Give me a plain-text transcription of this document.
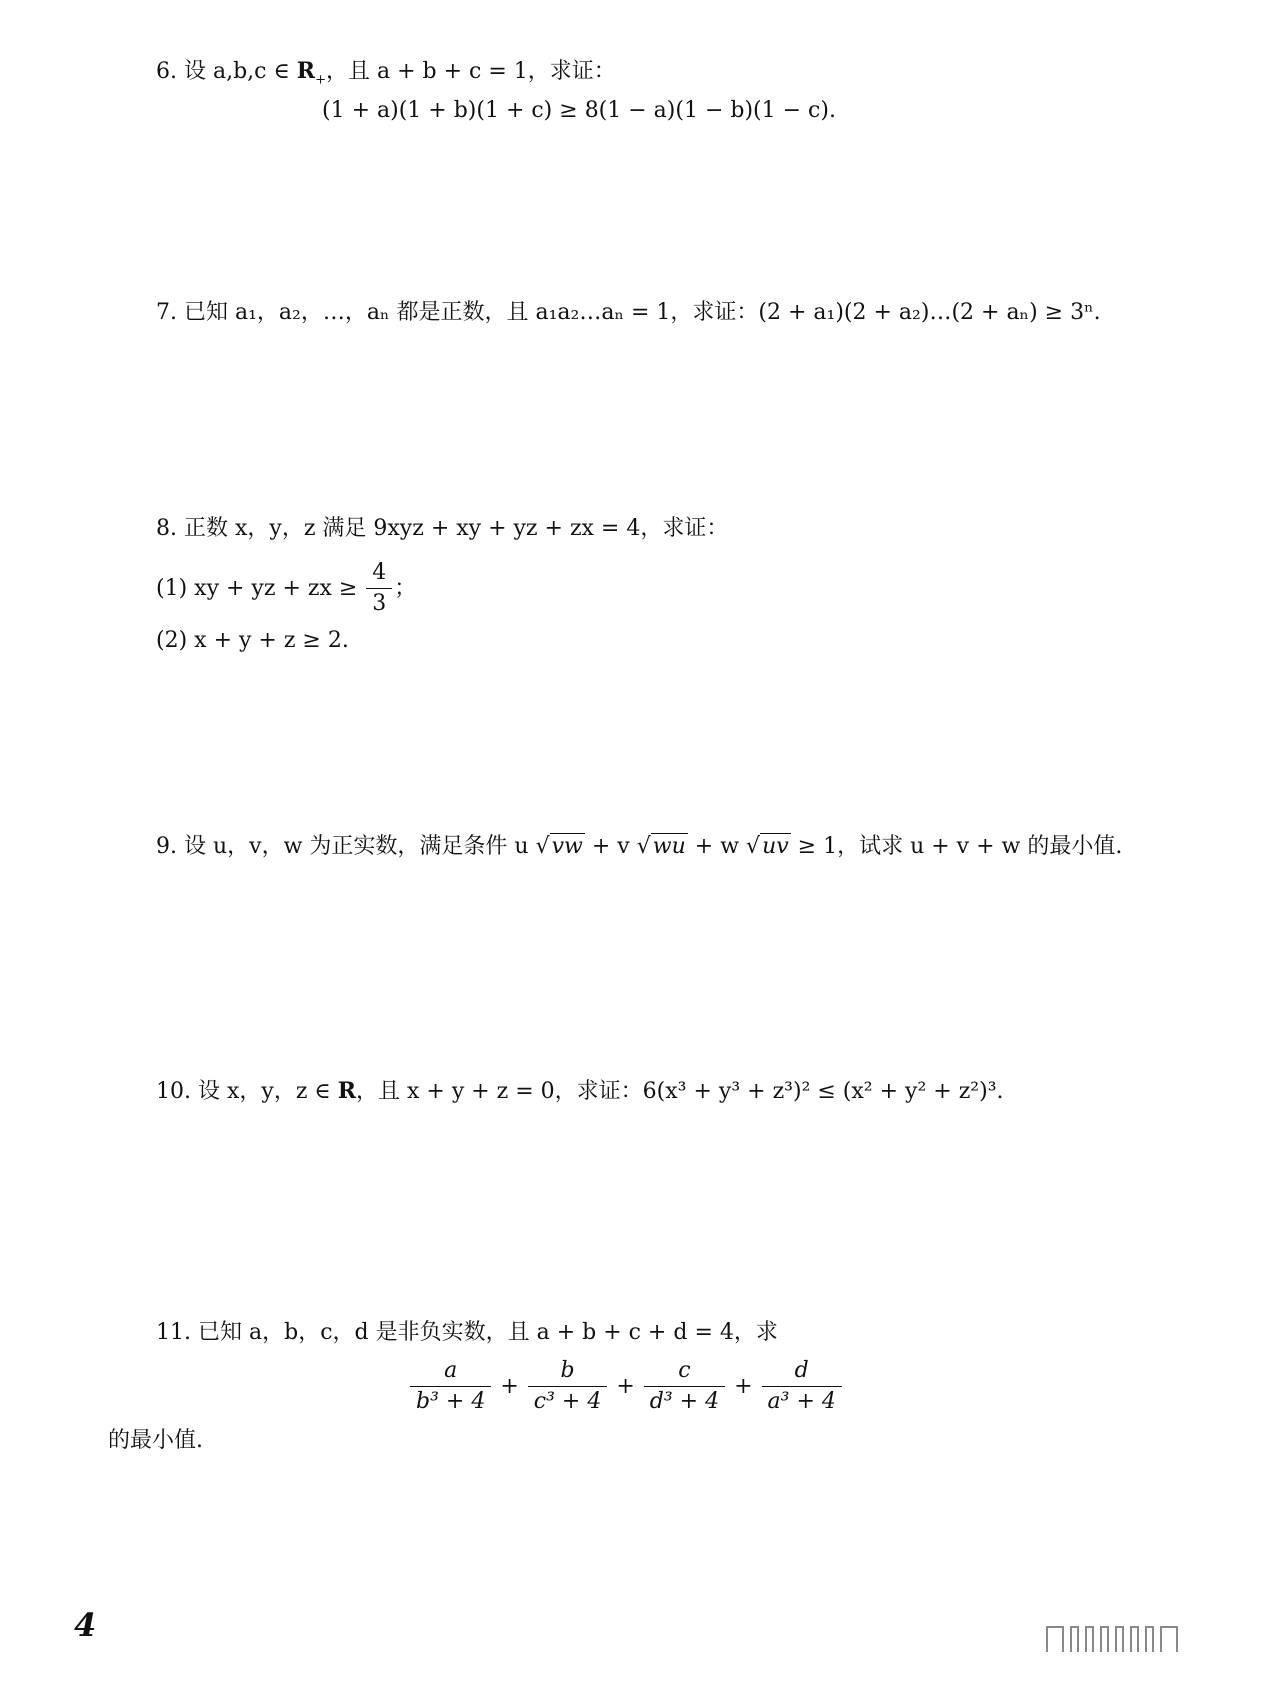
6. 设 a,b,c ∈ $R_+$，且 a + b + c = 1，求证：
(1 + a)(1 + b)(1 + c) ≥ 8(1 − a)(1 − b)(1 − c).
7. 已知 a₁，a₂，…，aₙ 都是正数，且 a₁a₂…aₙ = 1，求证：(2 + a₁)(2 + a₂)…(2 + aₙ) ≥ 3ⁿ.
8. 正数 x，y，z 满足 9xyz + xy + yz + zx = 4，求证：
(1) xy + yz + zx ≥ $\frac{4}{3}$ ；
(2) x + y + z ≥ 2.
9. 设 u，v，w 为正实数，满足条件 u √vw + v √wu + w √uv ≥ 1，试求 u + v + w 的最小值.
10. 设 x，y，z ∈ R，且 x + y + z = 0，求证：6(x³ + y³ + z³)² ≤ (x² + y² + z²)³.
11. 已知 a，b，c，d 是非负实数，且 a + b + c + d = 4，求
$\frac{a}{\text{b³ + 4}} + \frac{b}{\text{c³ + 4}} + \frac{c}{\text{d³ + 4}} + \frac{d}{\text{a³ + 4}}$
的最小值.
4
